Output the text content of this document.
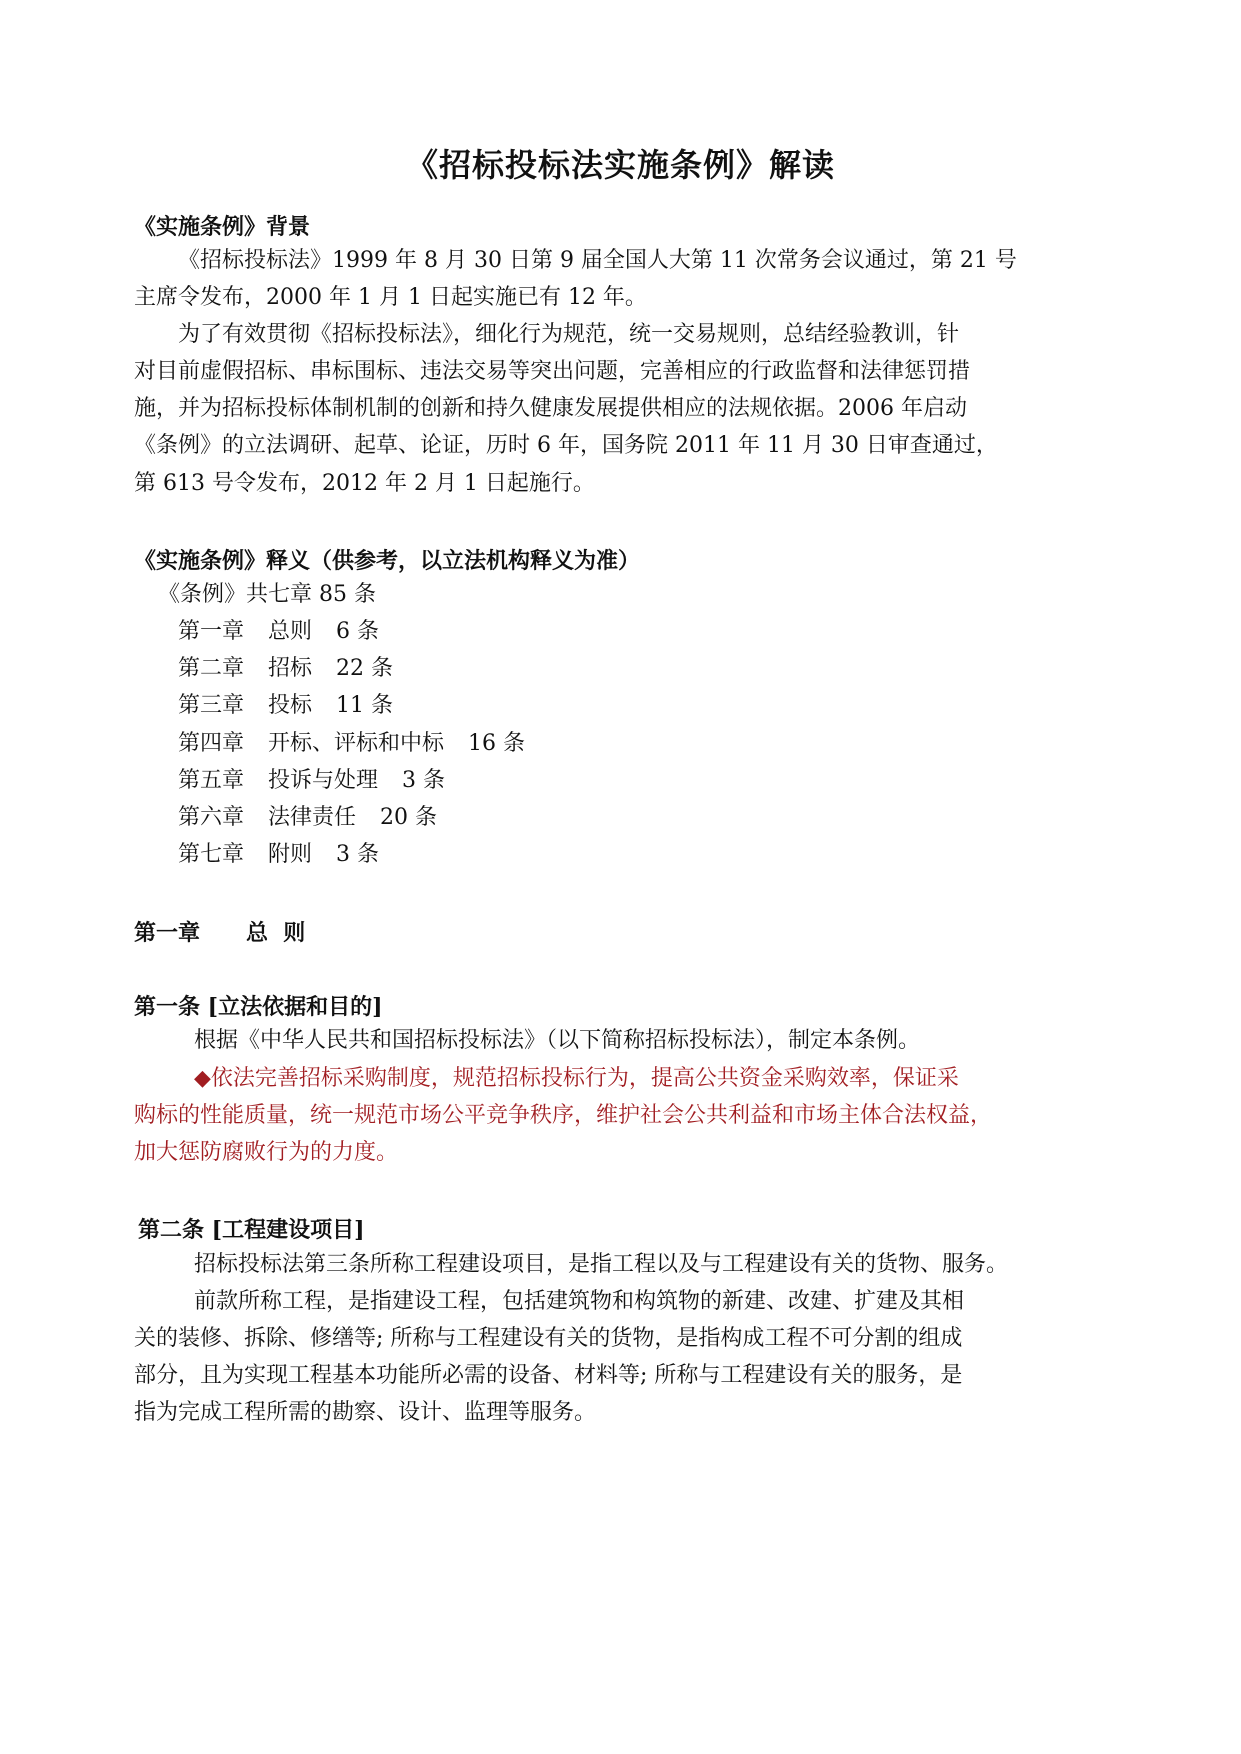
《招标投标法实施条例》解读
《实施条例》背景
《招标投标法》1999 年 8 月 30 日第 9 届全国人大第 11 次常务会议通过，第 21 号
主席令发布，2000 年 1 月 1 日起实施已有 12 年。
为了有效贯彻《招标投标法》，细化行为规范，统一交易规则，总结经验教训，针
对目前虚假招标、串标围标、违法交易等突出问题，完善相应的行政监督和法律惩罚措
施，并为招标投标体制机制的创新和持久健康发展提供相应的法规依据。2006 年启动
《条例》的立法调研、起草、论证，历时 6 年，国务院 2011 年 11 月 30 日审查通过，
第 613 号令发布，2012 年 2 月 1 日起施行。
《实施条例》释义（供参考，以立法机构释义为准）
《条例》共七章 85 条
第一章 总则 6 条
第二章 招标 22 条
第三章 投标 11 条
第四章 开标、评标和中标 16 条
第五章 投诉与处理 3 条
第六章 法律责任 20 条
第七章 附则 3 条
第一章      总  则
第一条 [立法依据和目的]
根据《中华人民共和国招标投标法》（以下简称招标投标法），制定本条例。
◆依法完善招标采购制度，规范招标投标行为，提高公共资金采购效率，保证采
购标的性能质量，统一规范市场公平竞争秩序，维护社会公共利益和市场主体合法权益，
加大惩防腐败行为的力度。
第二条 [工程建设项目]
招标投标法第三条所称工程建设项目，是指工程以及与工程建设有关的货物、服务。
前款所称工程，是指建设工程，包括建筑物和构筑物的新建、改建、扩建及其相
关的装修、拆除、修缮等; 所称与工程建设有关的货物，是指构成工程不可分割的组成
部分，且为实现工程基本功能所必需的设备、材料等; 所称与工程建设有关的服务，是
指为完成工程所需的勘察、设计、监理等服务。
